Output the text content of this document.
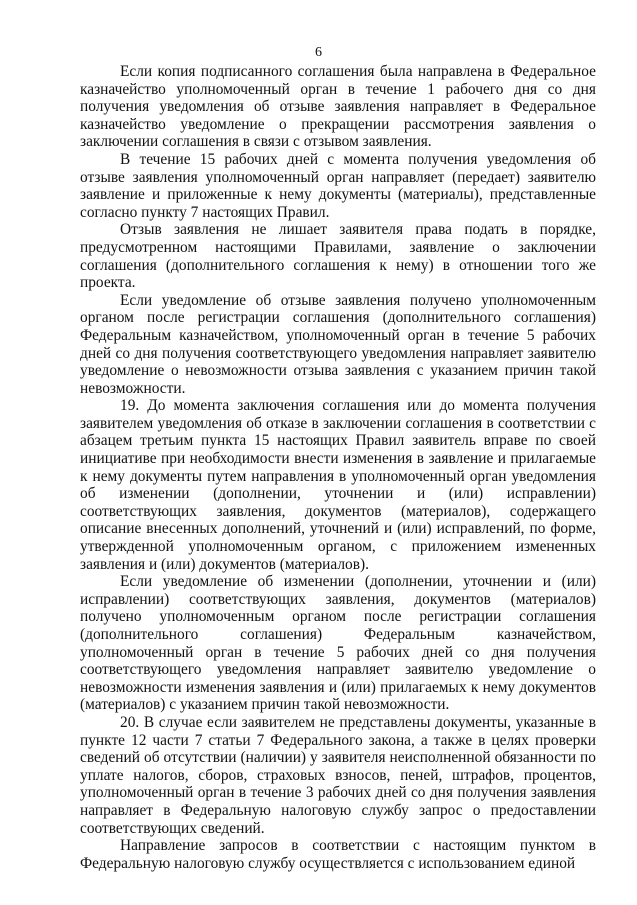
6

Если копия подписанного соглашения была направлена в Федеральное казначейство уполномоченный орган в течение 1 рабочего дня со дня получения уведомления об отзыве заявления направляет в Федеральное казначейство уведомление о прекращении рассмотрения заявления о заключении соглашения в связи с отзывом заявления.

В течение 15 рабочих дней с момента получения уведомления об отзыве заявления уполномоченный орган направляет (передает) заявителю заявление и приложенные к нему документы (материалы), представленные согласно пункту 7 настоящих Правил.

Отзыв заявления не лишает заявителя права подать в порядке, предусмотренном настоящими Правилами, заявление о заключении соглашения (дополнительного соглашения к нему) в отношении того же проекта.

Если уведомление об отзыве заявления получено уполномоченным органом после регистрации соглашения (дополнительного соглашения) Федеральным казначейством, уполномоченный орган в течение 5 рабочих дней со дня получения соответствующего уведомления направляет заявителю уведомление о невозможности отзыва заявления с указанием причин такой невозможности.

19. До момента заключения соглашения или до момента получения заявителем уведомления об отказе в заключении соглашения в соответствии с абзацем третьим пункта 15 настоящих Правил заявитель вправе по своей инициативе при необходимости внести изменения в заявление и прилагаемые к нему документы путем направления в уполномоченный орган уведомления об изменении (дополнении, уточнении и (или) исправлении) соответствующих заявления, документов (материалов), содержащего описание внесенных дополнений, уточнений и (или) исправлений, по форме, утвержденной уполномоченным органом, с приложением измененных заявления и (или) документов (материалов).

Если уведомление об изменении (дополнении, уточнении и (или) исправлении) соответствующих заявления, документов (материалов) получено уполномоченным органом после регистрации соглашения (дополнительного соглашения) Федеральным казначейством, уполномоченный орган в течение 5 рабочих дней со дня получения соответствующего уведомления направляет заявителю уведомление о невозможности изменения заявления и (или) прилагаемых к нему документов (материалов) с указанием причин такой невозможности.

20. В случае если заявителем не представлены документы, указанные в пункте 12 части 7 статьи 7 Федерального закона, а также в целях проверки сведений об отсутствии (наличии) у заявителя неисполненной обязанности по уплате налогов, сборов, страховых взносов, пеней, штрафов, процентов, уполномоченный орган в течение 3 рабочих дней со дня получения заявления направляет в Федеральную налоговую службу запрос о предоставлении соответствующих сведений.

Направление запросов в соответствии с настоящим пунктом в Федеральную налоговую службу осуществляется с использованием единой
